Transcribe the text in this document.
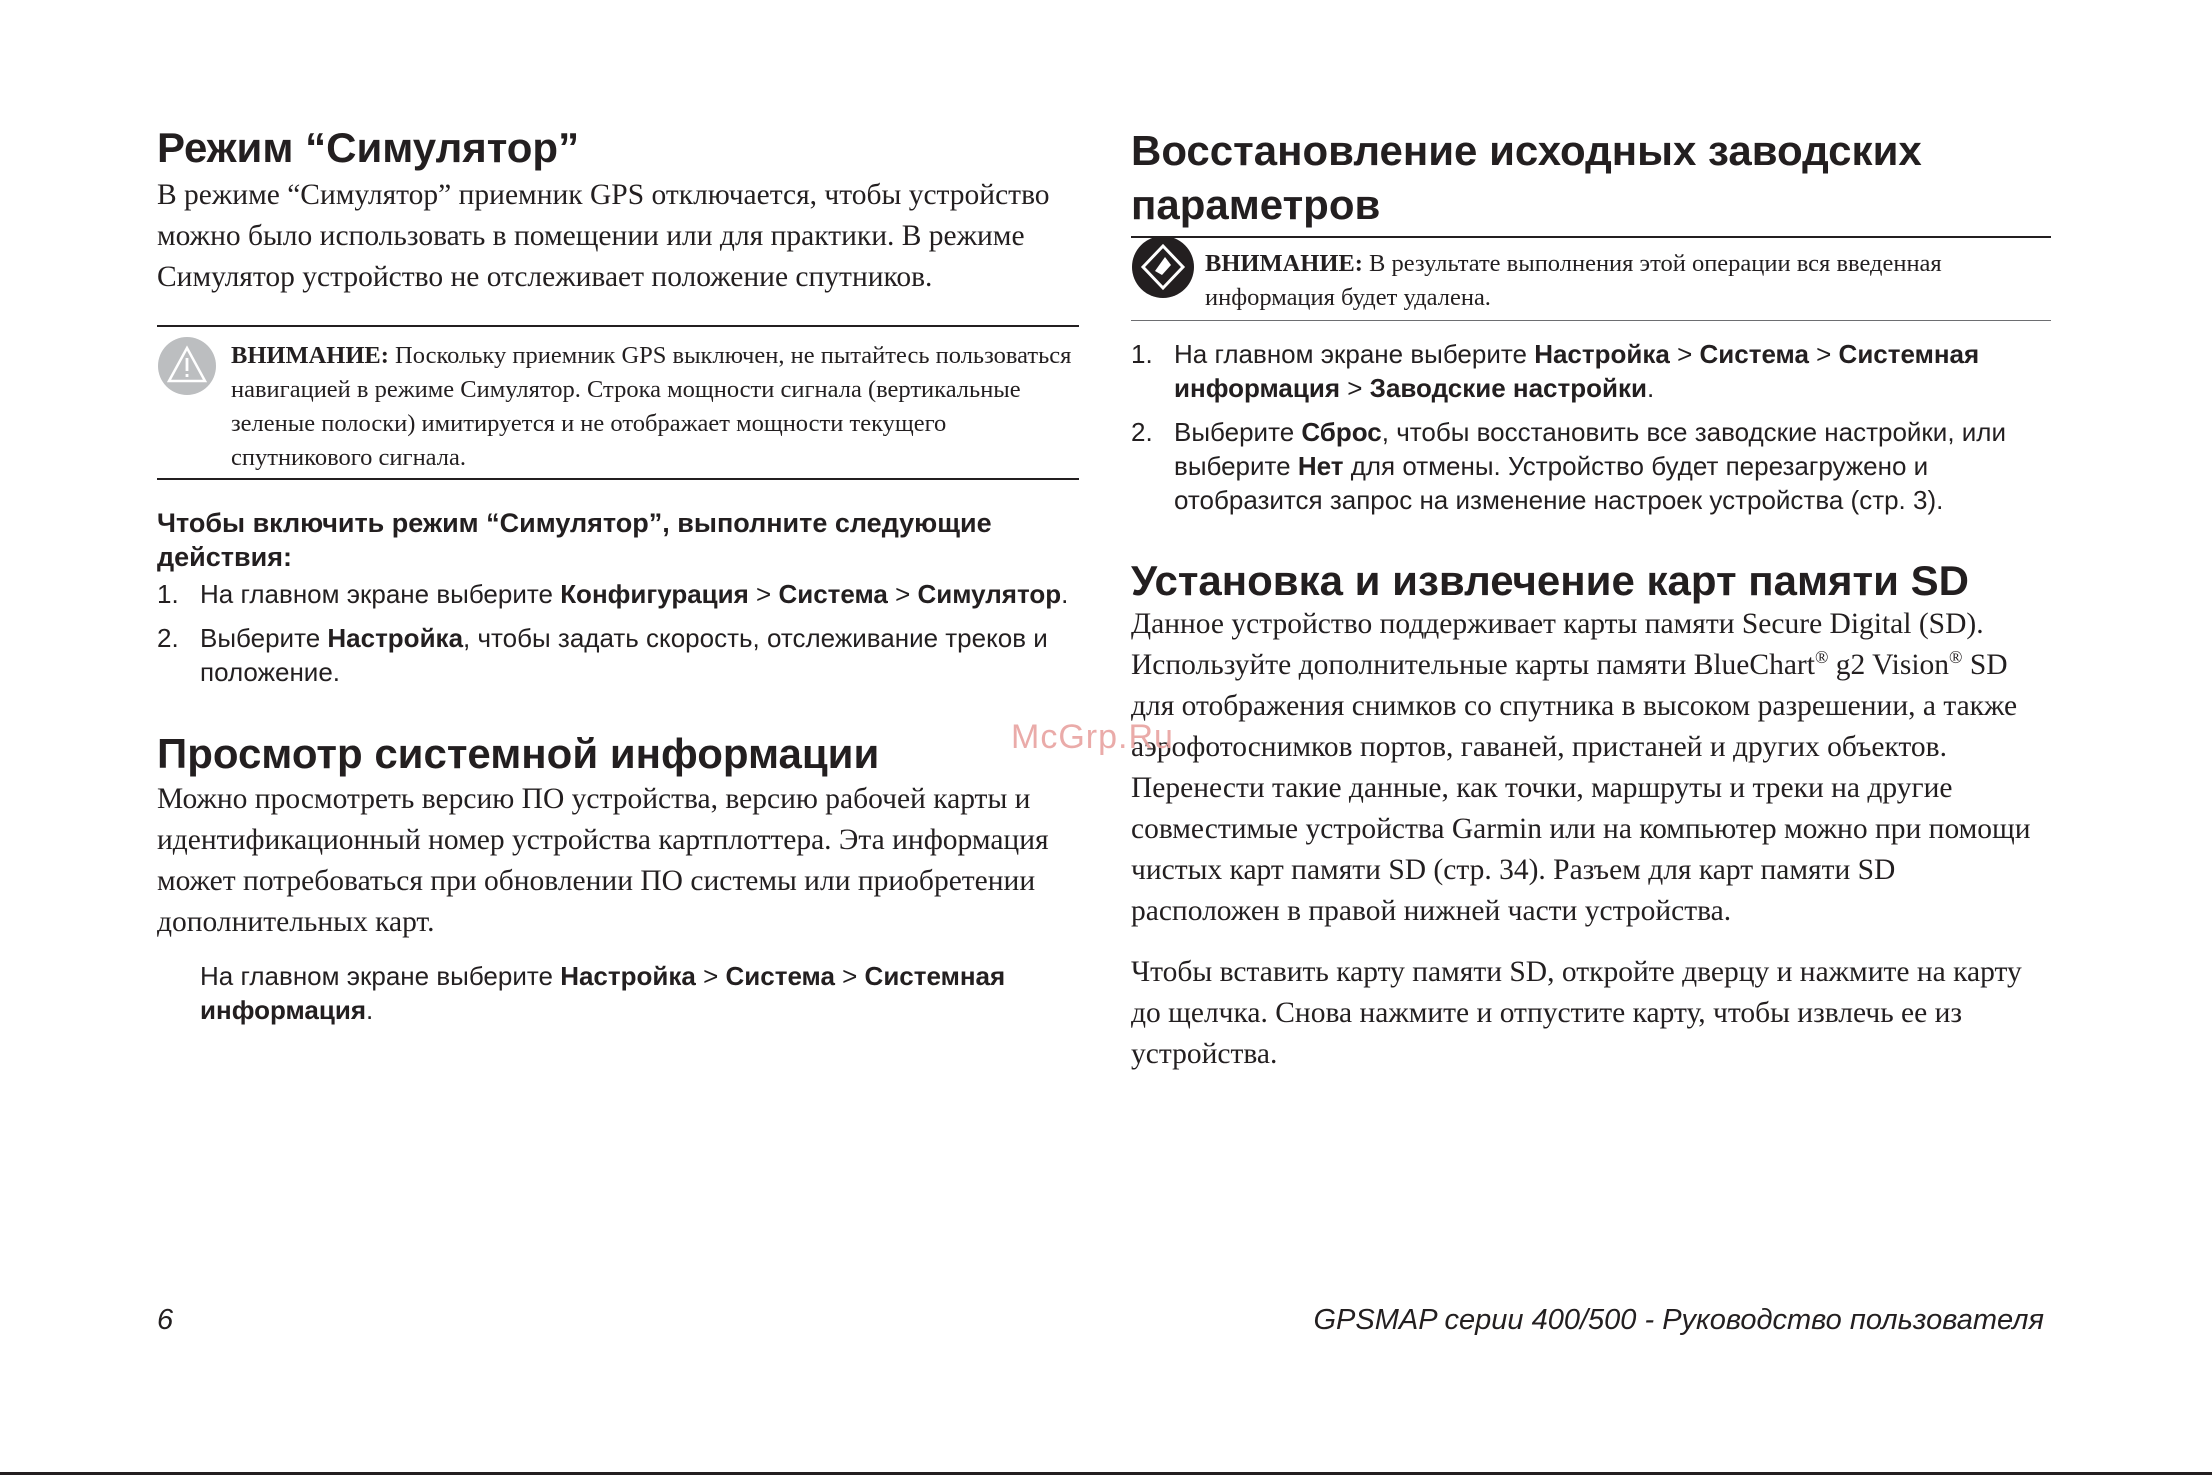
Режим “Симулятор”

В режиме “Симулятор” приемник GPS отключается, чтобы устройство можно было использовать в помещении или для практики. В режиме Симулятор устройство не отслеживает положение спутников.

ВНИМАНИЕ: Поскольку приемник GPS выключен, не пытайтесь пользоваться навигацией в режиме Симулятор. Строка мощности сигнала (вертикальные зеленые полоски) имитируется и не отображает мощности текущего спутникового сигнала.

Чтобы включить режим “Симулятор”, выполните следующие действия:
1. На главном экране выберите Конфигурация > Система > Симулятор.
2. Выберите Настройка, чтобы задать скорость, отслеживание треков и положение.
Просмотр системной информации

Можно просмотреть версию ПО устройства, версию рабочей карты и идентификационный номер устройства картплоттера. Эта информация может потребоваться при обновлении ПО системы или приобретении дополнительных карт.

На главном экране выберите Настройка > Система > Системная информация.

Восстановление исходных заводских параметров

ВНИМАНИЕ: В результате выполнения этой операции вся введенная информация будет удалена.

1. На главном экране выберите Настройка > Система > Системная информация > Заводские настройки.
2. Выберите Сброс, чтобы восстановить все заводские настройки, или выберите Нет для отмены. Устройство будет перезагружено и отобразится запрос на изменение настроек устройства (стр. 3).
Установка и извлечение карт памяти SD

Данное устройство поддерживает карты памяти Secure Digital (SD). Используйте дополнительные карты памяти BlueChart® g2 Vision® SD для отображения снимков со спутника в высоком разрешении, а также аэрофотоснимков портов, гаваней, пристаней и других объектов. Перенести такие данные, как точки, маршруты и треки на другие совместимые устройства Garmin или на компьютер можно при помощи чистых карт памяти SD (стр. 34). Разъем для карт памяти SD расположен в правой нижней части устройства.

Чтобы вставить карту памяти SD, откройте дверцу и нажмите на карту до щелчка. Снова нажмите и отпустите карту, чтобы извлечь ее из устройства.

McGrp.Ru
6	GPSMAP серии 400/500 - Руководство пользователя
